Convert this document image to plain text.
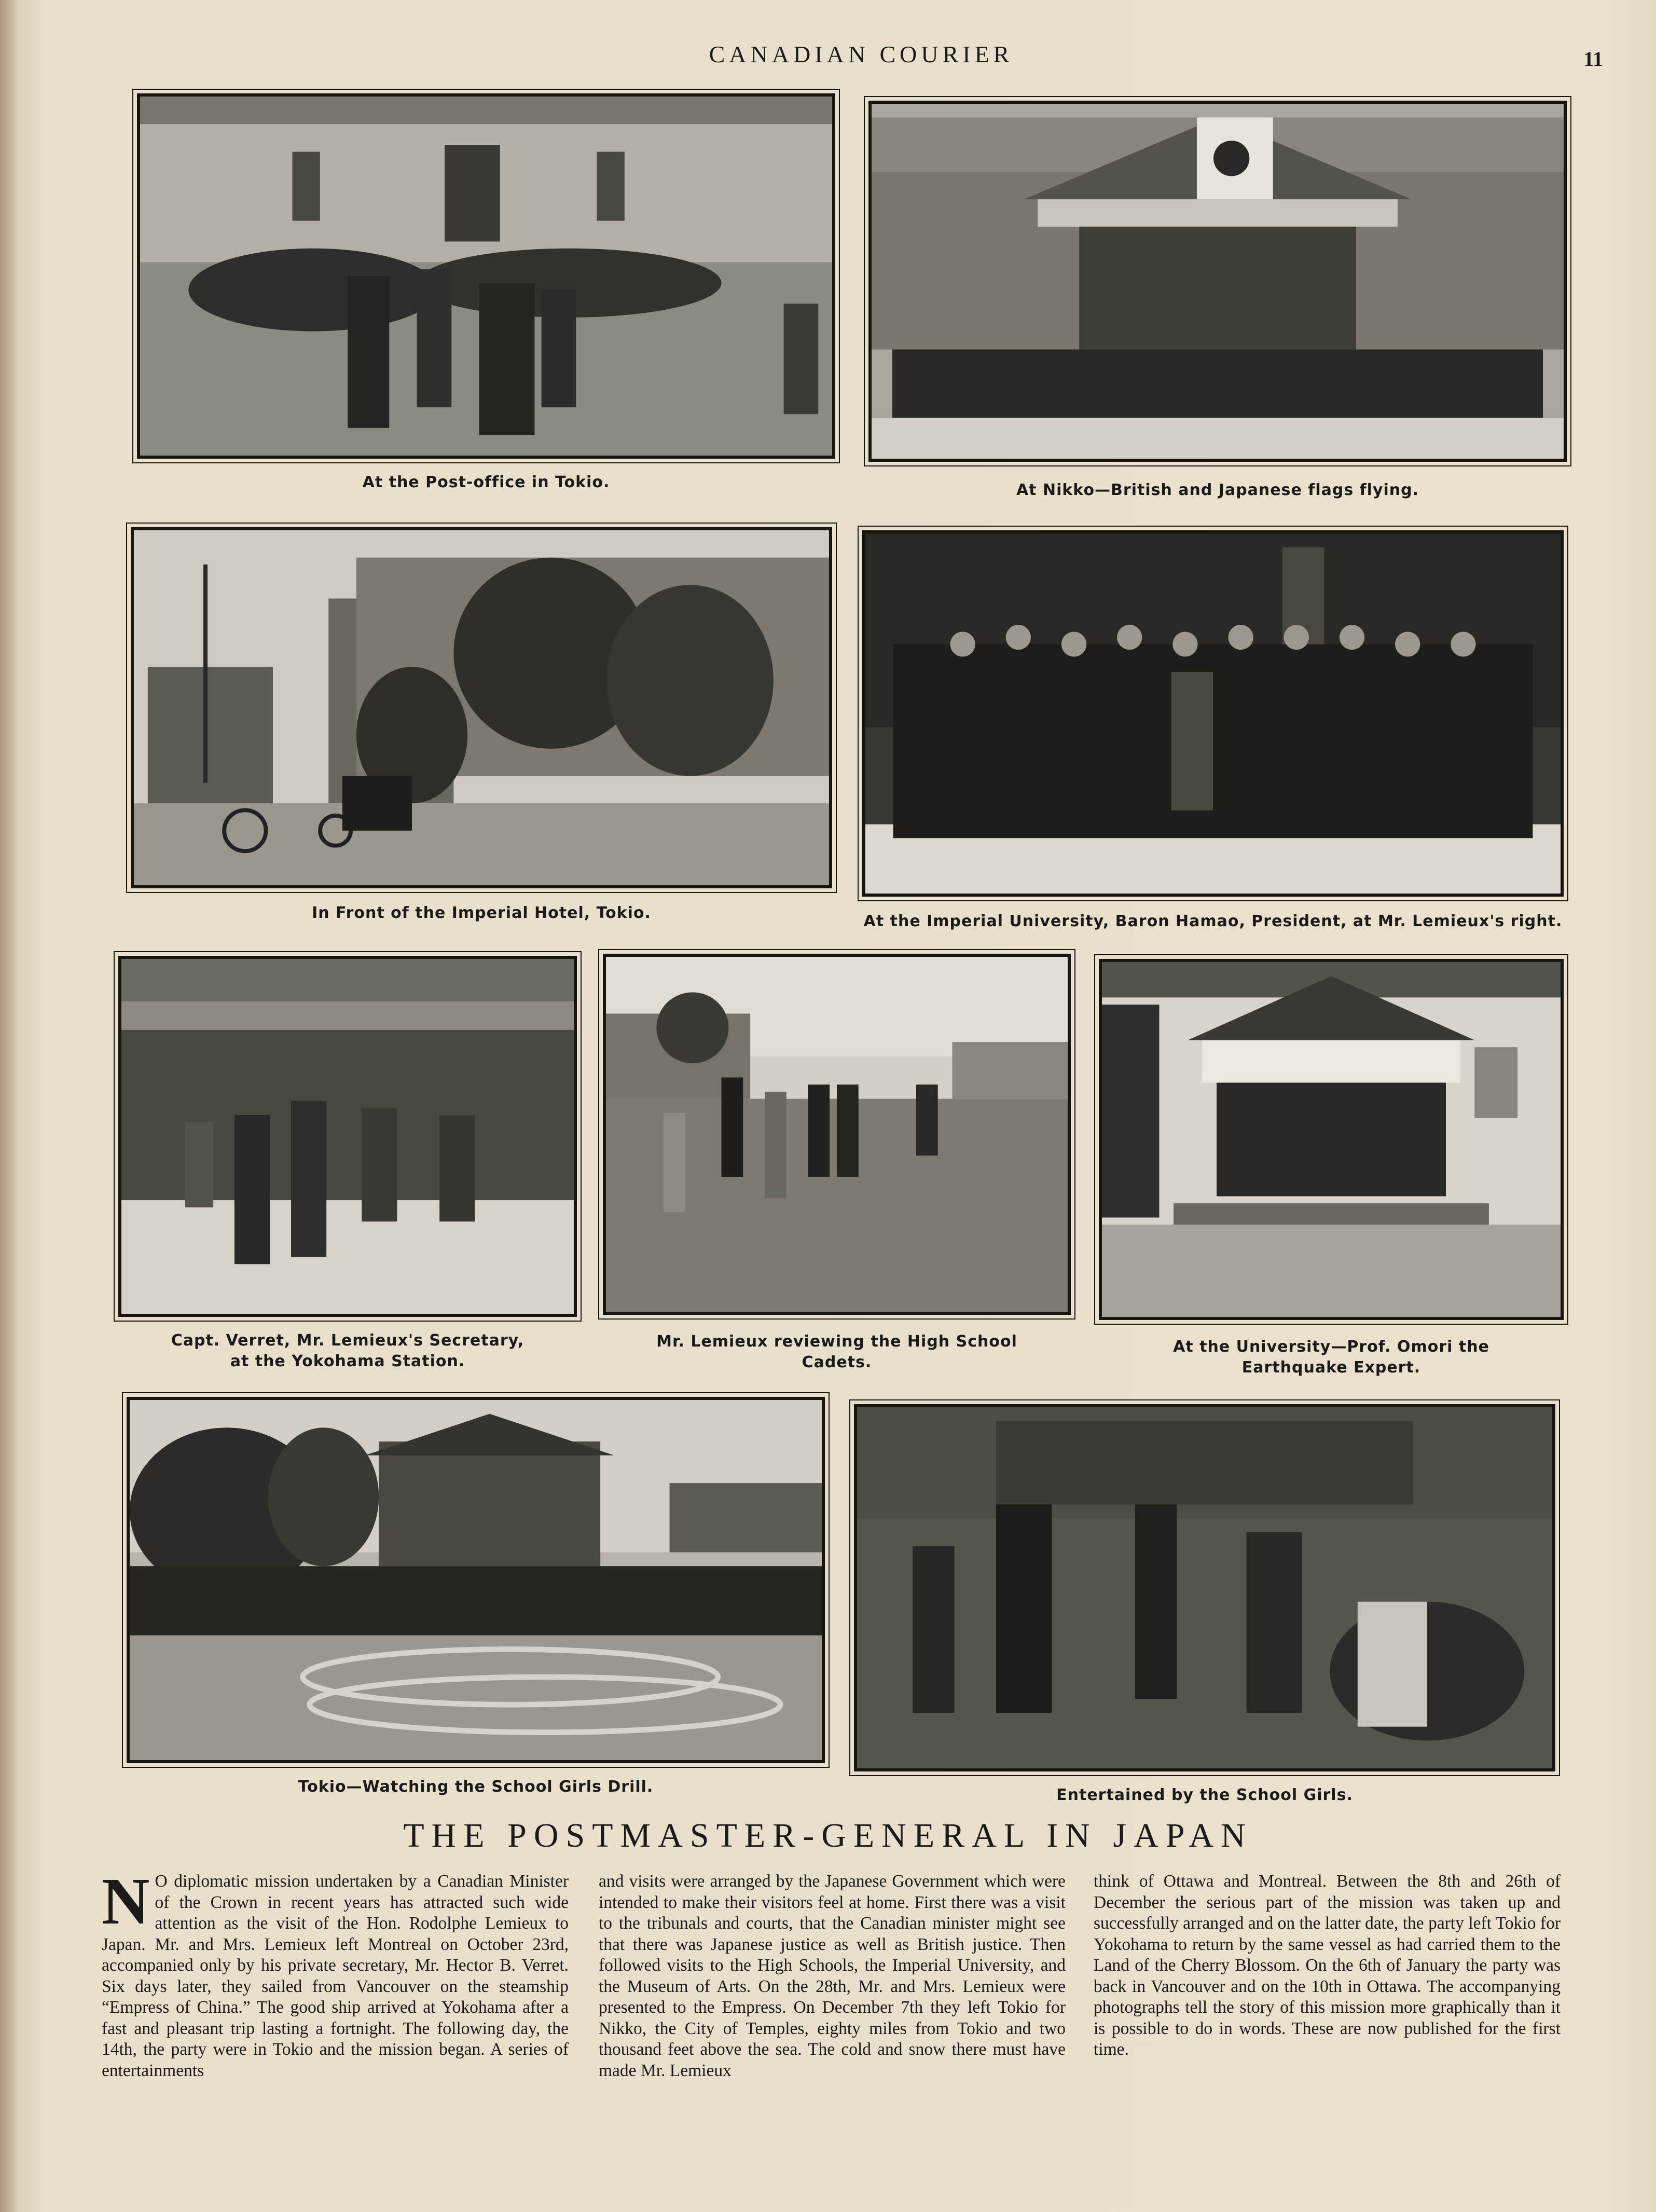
CANADIAN COURIER	11
At the Post-office in Tokio.	At Nikko—British and Japanese flags flying.
In Front of the Imperial Hotel, Tokio.	At the Imperial University, Baron Hamao, President, at Mr. Lemieux's right.
Capt. Verret, Mr. Lemieux's Secretary,
at the Yokohama Station.
Mr. Lemieux reviewing the High School
Cadets.
At the University—Prof. Omori the
Earthquake Expert.
Tokio—Watching the School Girls Drill.	Entertained by the School Girls.
THE POSTMASTER-GENERAL IN JAPAN
N O diplomatic mission undertaken by a Canadian Minister of the Crown in recent years has attracted such wide attention as the visit of the Hon. Rodolphe Lemieux to Japan. Mr. and Mrs. Lemieux left Montreal on October 23rd, accompanied only by his private secretary, Mr. Hector B. Verret. Six days later, they sailed from Vancouver on the steamship “Empress of China.” The good ship arrived at Yokohama after a fast and pleasant trip lasting a fortnight. The following day, the 14th, the party were in Tokio and the mission began. A series of entertainments
and visits were arranged by the Japanese Government which were intended to make their visitors feel at home. First there was a visit to the tribunals and courts, that the Canadian minister might see that there was Japanese justice as well as British justice. Then followed visits to the High Schools, the Imperial University, and the Museum of Arts. On the 28th, Mr. and Mrs. Lemieux were presented to the Empress. On December 7th they left Tokio for Nikko, the City of Temples, eighty miles from Tokio and two thousand feet above the sea. The cold and snow there must have made Mr. Lemieux
think of Ottawa and Montreal. Between the 8th and 26th of December the serious part of the mission was taken up and successfully arranged and on the latter date, the party left Tokio for Yokohama to return by the same vessel as had carried them to the Land of the Cherry Blossom. On the 6th of January the party was back in Vancouver and on the 10th in Ottawa. The accompanying photographs tell the story of this mission more graphically than it is possible to do in words. These are now published for the first time.
